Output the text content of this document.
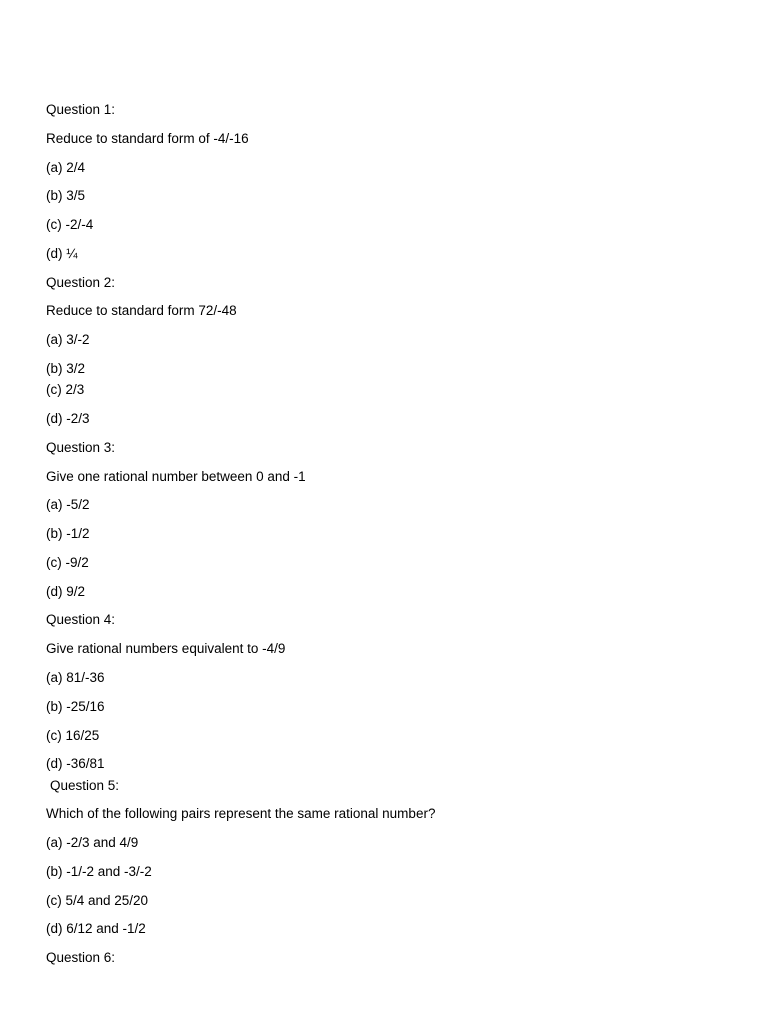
Question 1:

Reduce to standard form of -4/-16

(a) 2/4

(b) 3/5

(c) -2/-4

(d) ¼

Question 2:

Reduce to standard form 72/-48

(a) 3/-2

(b) 3/2

(c) 2/3

(d) -2/3

Question 3:

Give one rational number between 0 and -1

(a) -5/2

(b) -1/2

(c) -9/2

(d) 9/2

Question 4:

Give rational numbers equivalent to -4/9

(a) 81/-36

(b) -25/16

(c) 16/25

(d) -36/81

Question 5:

Which of the following pairs represent the same rational number?

(a) -2/3 and 4/9

(b) -1/-2 and -3/-2

(c) 5/4 and 25/20

(d) 6/12 and -1/2

Question 6:
